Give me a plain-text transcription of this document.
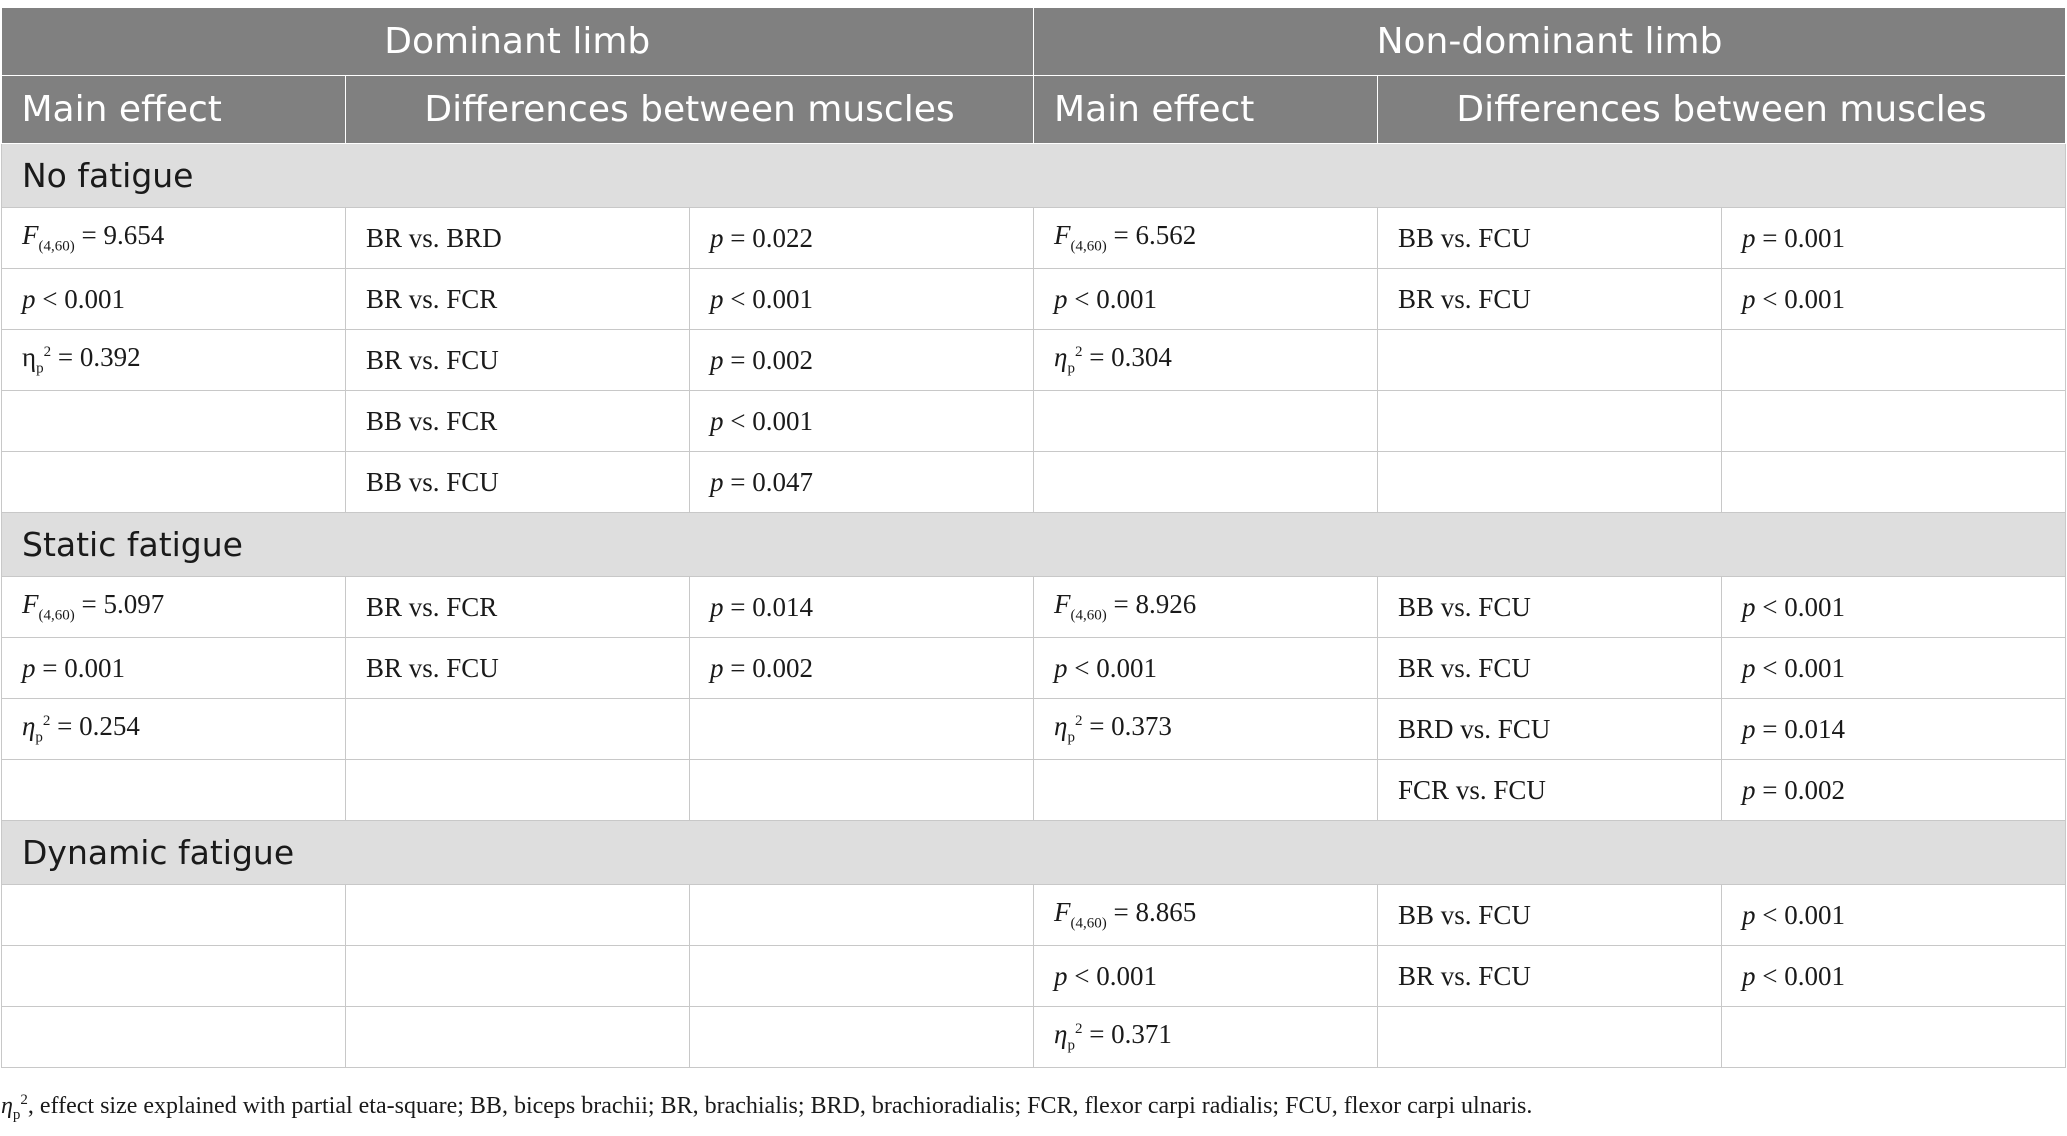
Dominant limb			Non-dominant limb		
Main effect	Differences between muscles		Main effect	Differences between muscles	
No fatigue					
$F_{(4,60)} = 9.654$	BR vs. BRD	p = 0.022	$F_{(4,60)} = 6.562$	BB vs. FCU	p = 0.001
p < 0.001	BR vs. FCR	p < 0.001	p < 0.001	BR vs. FCU	p < 0.001
$\eta_p^2 = 0.392$	BR vs. FCU	p = 0.002	$\eta_p^2 = 0.304$		
	BB vs. FCR	p < 0.001			
	BB vs. FCU	p = 0.047			
Static fatigue					
$F_{(4,60)} = 5.097$	BR vs. FCR	p = 0.014	$F_{(4,60)} = 8.926$	BB vs. FCU	p < 0.001
p = 0.001	BR vs. FCU	p = 0.002	p < 0.001	BR vs. FCU	p < 0.001
$\eta_p^2 = 0.254$			$\eta_p^2 = 0.373$	BRD vs. FCU	p = 0.014
				FCR vs. FCU	p = 0.002
Dynamic fatigue					
			$F_{(4,60)} = 8.865$	BB vs. FCU	p < 0.001
			p < 0.001	BR vs. FCU	p < 0.001
			$\eta_p^2 = 0.371$		
$\eta_p^2$, effect size explained with partial eta-square; BB, biceps brachii; BR, brachialis; BRD, brachioradialis; FCR, flexor carpi radialis; FCU, flexor carpi ulnaris.
